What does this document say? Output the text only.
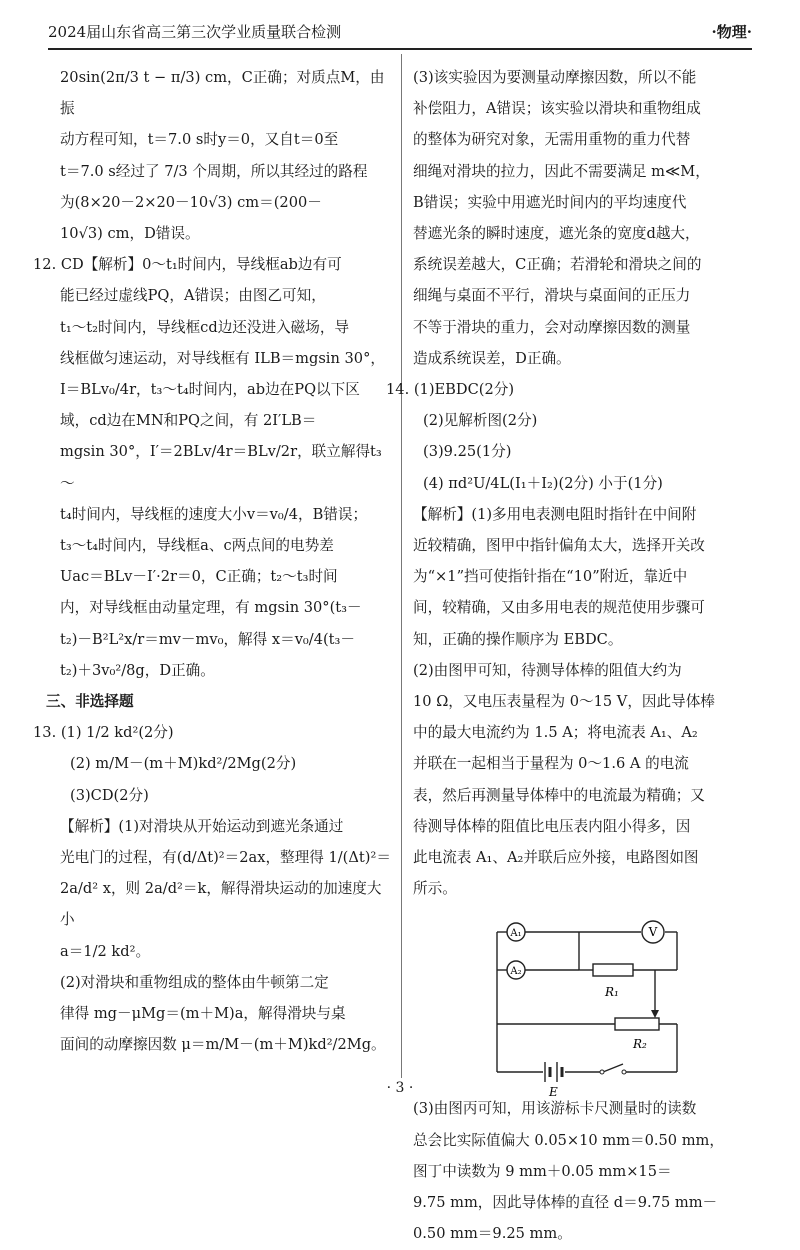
2024届山东省高三第三次学业质量联合检测	·物理·

20sin(2π/3 t − π/3) cm，C正确；对质点M，由振

动方程可知，t＝7.0 s时y＝0，又自t＝0至

t＝7.0 s经过了 7/3 个周期，所以其经过的路程

为(8×20－2×20－10√3) cm＝(200－

10√3) cm，D错误。

12. CD【解析】0～t₁时间内，导线框ab边有可

能已经过虚线PQ，A错误；由图乙可知，

t₁～t₂时间内，导线框cd边还没进入磁场，导

线框做匀速运动，对导线框有 ILB＝mgsin 30°，

I＝BLv₀/4r，t₃～t₄时间内，ab边在PQ以下区

域，cd边在MN和PQ之间，有 2I′LB＝

mgsin 30°，I′＝2BLv/4r＝BLv/2r，联立解得t₃～

t₄时间内，导线框的速度大小v＝v₀/4，B错误；

t₃～t₄时间内，导线框a、c两点间的电势差

Uac＝BLv－I′·2r＝0，C正确；t₂～t₃时间

内，对导线框由动量定理，有 mgsin 30°(t₃－

t₂)－B²L²x/r＝mv－mv₀，解得 x＝v₀/4(t₃－

t₂)＋3v₀²/8g，D正确。

三、非选择题

13. (1) 1/2 kd²(2分)

(2) m/M－(m＋M)kd²/2Mg(2分)

(3)CD(2分)

【解析】(1)对滑块从开始运动到遮光条通过

光电门的过程，有(d/Δt)²＝2ax，整理得 1/(Δt)²＝

2a/d² x，则 2a/d²＝k，解得滑块运动的加速度大小

a＝1/2 kd²。

(2)对滑块和重物组成的整体由牛顿第二定

律得 mg－μMg＝(m＋M)a，解得滑块与桌

面间的动摩擦因数 μ＝m/M－(m＋M)kd²/2Mg。

(3)该实验因为要测量动摩擦因数，所以不能

补偿阻力，A错误；该实验以滑块和重物组成

的整体为研究对象，无需用重物的重力代替

细绳对滑块的拉力，因此不需要满足 m≪M，

B错误；实验中用遮光时间内的平均速度代

替遮光条的瞬时速度，遮光条的宽度d越大，

系统误差越大，C正确；若滑轮和滑块之间的

细绳与桌面不平行，滑块与桌面间的正压力

不等于滑块的重力，会对动摩擦因数的测量

造成系统误差，D正确。

14. (1)EBDC(2分)

(2)见解析图(2分)

(3)9.25(1分)

(4) πd²U/4L(I₁＋I₂)(2分) 小于(1分)

【解析】(1)多用电表测电阻时指针在中间附

近较精确，图甲中指针偏角太大，选择开关改

为“×1”挡可使指针指在“10”附近，靠近中

间，较精确，又由多用电表的规范使用步骤可

知，正确的操作顺序为 EBDC。

(2)由图甲可知，待测导体棒的阻值大约为

10 Ω，又电压表量程为 0～15 V，因此导体棒

中的最大电流约为 1.5 A；将电流表 A₁、A₂

并联在一起相当于量程为 0～1.6 A 的电流

表，然后再测量导体棒中的电流最为精确；又

待测导体棒的阻值比电压表内阻小得多，因

此电流表 A₁、A₂并联后应外接，电路图如图

所示。

A₁
A₂
V
R₁
R₂
E

(3)由图丙可知，用该游标卡尺测量时的读数

总会比实际值偏大 0.05×10 mm＝0.50 mm，

图丁中读数为 9 mm＋0.05 mm×15＝

9.75 mm，因此导体棒的直径 d＝9.75 mm－

0.50 mm＝9.25 mm。

· 3 ·
